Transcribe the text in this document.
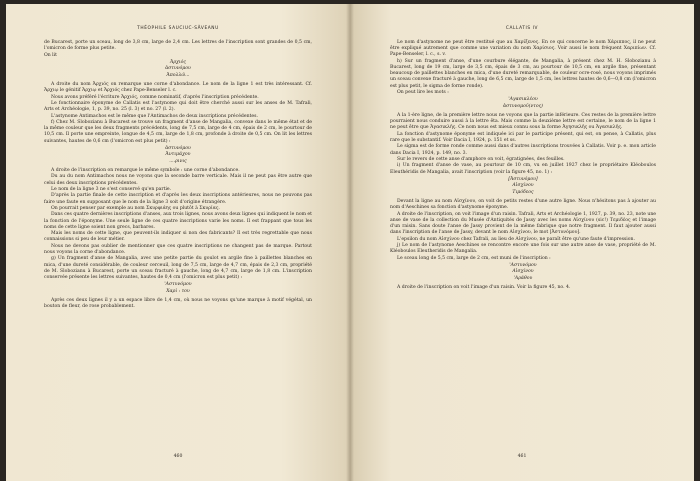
THÉOPHILE SAUCIUC-SĂVEANU

de Bucarest, porte un sceau, long de 3,8 cm, large de 2,4 cm. Les lettres de l'inscription sont grandes de 0,5 cm, l'omicron de forme plus petite.

On lit

Ἀρχιός
ἀστυνόμου
Ἀπολλῶ...

A droite du nom Ἀρχιός on remarque une corne d'abondance. Le nom de la ligne 1 est très intéressant. Cf. Ἀρχιῳ le génitif Ἀρχιῳ et Ἀρχιός chez Pape-Benseler l. c.

Nous avons préféré l'écriture Ἀρχιός, comme nominatif, d'après l'inscription précédente.

Le fonctionnaire éponyme de Callatis est l'astynome qui doit être cherché aussi sur les anses de M. Tafrali, Arts et Archéologie, 1, p. 39, no. 25 (l. 3) et no. 27 (l. 2).

L'astynome Antimachos est le même que l'Antimachos de deux inscriptions précédentes.

f) Chez M. Slobozianu à Bucarest se trouve un fragment d'anse de Mangalia, convexe dans le même état et de la même couleur que les deux fragments précédents, long de 7,5 cm, large de 4 cm, épais de 2 cm, le pourtour de 10,5 cm. Il porte une empreinte, longue de 4,5 cm, large de 1,8 cm, profonde à droite de 0,5 cm. On lit les lettres suivantes, hautes de 0,6 cm (l'omicron est plus petit) :

ἀστυνόμου
Ἀντιμάχου
....ρινις

A droite de l'inscription on remarque le même symbole : une corne d'abondance.

Du au du nom Antimachos nous ne voyons que la seconde barre verticale. Mais il ne peut pas être autre que celui des deux inscriptions précédentes.

Le nom de la ligne 3 ne s'est conservé qu'en partie.

D'après la partie finale de cette inscription et d'après les deux inscriptions antérieures, nous ne pouvons pas faire une faute en supposant que le nom de la ligne 3 soit d'origine étrangère.

On pourrait penser par exemple au nom Σκυρφιάης ou plutôt à Σκυρίας.

Dans ces quatre dernières inscriptions d'anses, aux trois lignes, nous avons deux lignes qui indiquent le nom et la fonction de l'éponyme. Une seule ligne de ces quatre inscriptions varie les noms. Il est frappant que tous les noms de cette ligne soient non grecs, barbares.

Mais les noms de cette ligne, que peuvent-ils indiquer si non des fabricants? Il est très regrettable que nous connaissions si peu de leur métier.

Nous ne devons pas oublier de mentionner que ces quatre inscriptions ne changent pas de marque. Partout nous voyons la corne d'abondance.

g) Un fragment d'anse de Mangalia, avec une petite partie du goulot en argile fine à paillettes blanches en mica, d'une dureté considérable, de couleur cerceuil, long de 7,5 cm, large de 4,7 cm, épais de 2,3 cm, propriété de M. Slobozianu à Bucarest, porte un sceau fracturé à gauche, long de 4,7 cm, large de 1,8 cm. L'inscription conservée présente les lettres suivantes, hautes de 0,4 cm (l'omicron est plus petit) :

'Αστυνόμου
Χαρὶ : του

Après ces deux lignes il y a un espace libre de 1,4 cm, où nous ne voyons qu'une marque à motif végétal, un bouton de fleur, de rose probablement.

460
CALLATIS IV

Le nom d'astynome ne peut être restitué que au Χαρίξενος. En ce qui concerne le nom Χάριππος, il ne peut être expliqué autrement que comme une variation du nom Χαρίσιος. Voir aussi le nom fréquent Χαριπίων. Cf. Pape-Benseler, l. c., s. v.

h) Sur un fragment d'anse, d'une courbure élégante, de Mangalia, à présent chez M. H. Slobozianu à Bucarest, long de 19 cm, large de 3,5 cm, épais de 3 cm, au pourtour de 10,5 cm, en argile fine, présentant beaucoup de paillettes blanches en mica, d'une dureté remarquable, de couleur ocre-rosé, nous voyons imprimés un sceau convexe fracturé à gauche, long de 6,5 cm, large de 1,5 cm, les lettres hautes de 0,6—0,8 cm (l'omicron est plus petit, le sigma de forme ronde).

On peut lire les mots :

'Αγασικλέου
ἀστυνομοῦ(ντος)

A la 1-ère ligne, de la première lettre nous ne voyons que la partie inférieure. Ces restes de la première lettre pourraient nous conduire aussi à la lettre êta. Mais comme la deuxième lettre est certaine, le nom de la ligne 1 ne peut être que Ἀγασικλῆς. Ce nom nous est mieux connu sous la forme Ἀγησικλῆς ou Ἀγασικλῆς.

La fonction d'astynome éponyme est indiquée ici par le participe présent, qui est, on pense, à Callatis, plus rare que le substantif. Voir Dacia I, 1924, p. 151 et ss.

Le sigma est de forme ronde comme aussi dans d'autres inscriptions trouvées à Callatis. Voir p. e. mon article dans Dacia I, 1924, p. 149, no. 3.

Sur le revers de cette anse d'amphore on voit, égratignées, des feuilles.

i) Un fragment d'anse de vase, au pourtour de 10 cm, vu en juillet 1927 chez le propriétaire Kléoboulos Eleuthéridis de Mangalia, avait l'inscription (voir la figure 45, no. 1) :

[Ἀστυνόμου]
Αἰσχίνου
Τιμόδεος

Devant la ligne au nom Αἰσχίνου, on voit de petits restes d'une autre ligne. Nous n'hésitons pas à ajouter au nom d'Aeschines sa fonction d'astynome éponyme.

A droite de l'inscription, on voit l'image d'un raisin. Tafrali, Arts et Archéologie 1, 1927, p. 39, no. 23, note une anse de vase de la collection du Musée d'Antiquités de Jassy avec les noms Αἰσχίνου (sic!) Τεμιδέος et l'image d'un raisin. Sans doute l'anse de Jassy provient de la même fabrique que notre fragment. Il faut ajouter aussi dans l'inscription de l'anse de Jassy, devant le nom Αἰσχίνου, le mot [Ἀστυνόμου].

L'epsilon du nom Αἰσχίνου chez Tafrali, au lieu de Αἰσχίνου, ne paraît être qu'une faute d'impression.

j) Le nom de l'astynome Aeschines se rencontre encore une fois sur une autre anse de vase, propriété de M. Kléoboulos Eleutheridis de Mangalia.

Le sceau long de 5,5 cm, large de 2 cm, est muni de l'inscription :

'Αστυνόμου
Αἰσχίνου
'Αράθου

A droite de l'inscription on voit l'image d'un raisin. Voir la figure 45, no. 4.

461
